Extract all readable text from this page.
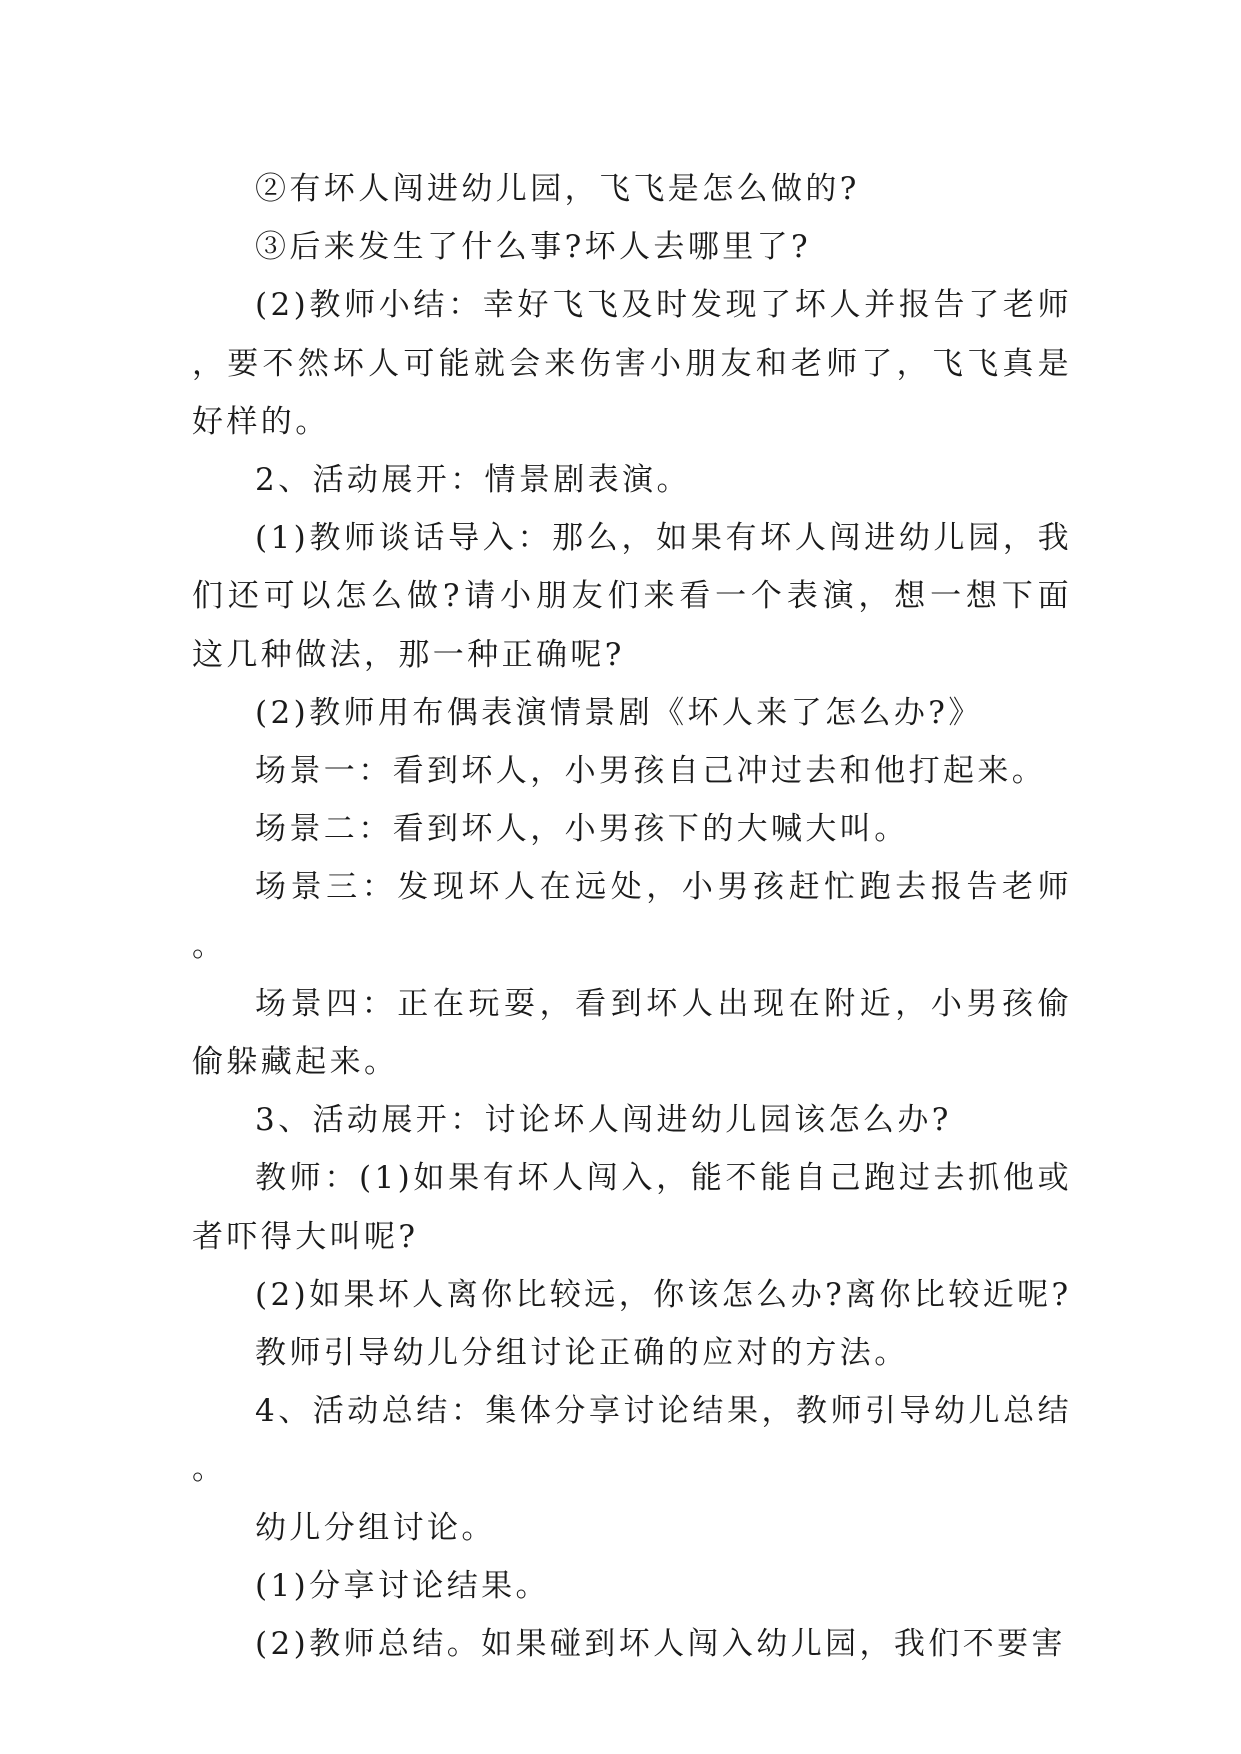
②有坏人闯进幼儿园，飞飞是怎么做的?

③后来发生了什么事?坏人去哪里了?

(2)教师小结：幸好飞飞及时发现了坏人并报告了老师，要不然坏人可能就会来伤害小朋友和老师了，飞飞真是好样的。

2、活动展开：情景剧表演。

(1)教师谈话导入：那么，如果有坏人闯进幼儿园，我们还可以怎么做?请小朋友们来看一个表演，想一想下面这几种做法，那一种正确呢?

(2)教师用布偶表演情景剧《坏人来了怎么办?》

场景一：看到坏人，小男孩自己冲过去和他打起来。

场景二：看到坏人，小男孩下的大喊大叫。

场景三：发现坏人在远处，小男孩赶忙跑去报告老师。

场景四：正在玩耍，看到坏人出现在附近，小男孩偷偷躲藏起来。

3、活动展开：讨论坏人闯进幼儿园该怎么办?

教师：(1)如果有坏人闯入，能不能自己跑过去抓他或者吓得大叫呢?

(2)如果坏人离你比较远，你该怎么办?离你比较近呢?

教师引导幼儿分组讨论正确的应对的方法。

4、活动总结：集体分享讨论结果，教师引导幼儿总结。

幼儿分组讨论。

(1)分享讨论结果。

(2)教师总结。如果碰到坏人闯入幼儿园，我们不要害
